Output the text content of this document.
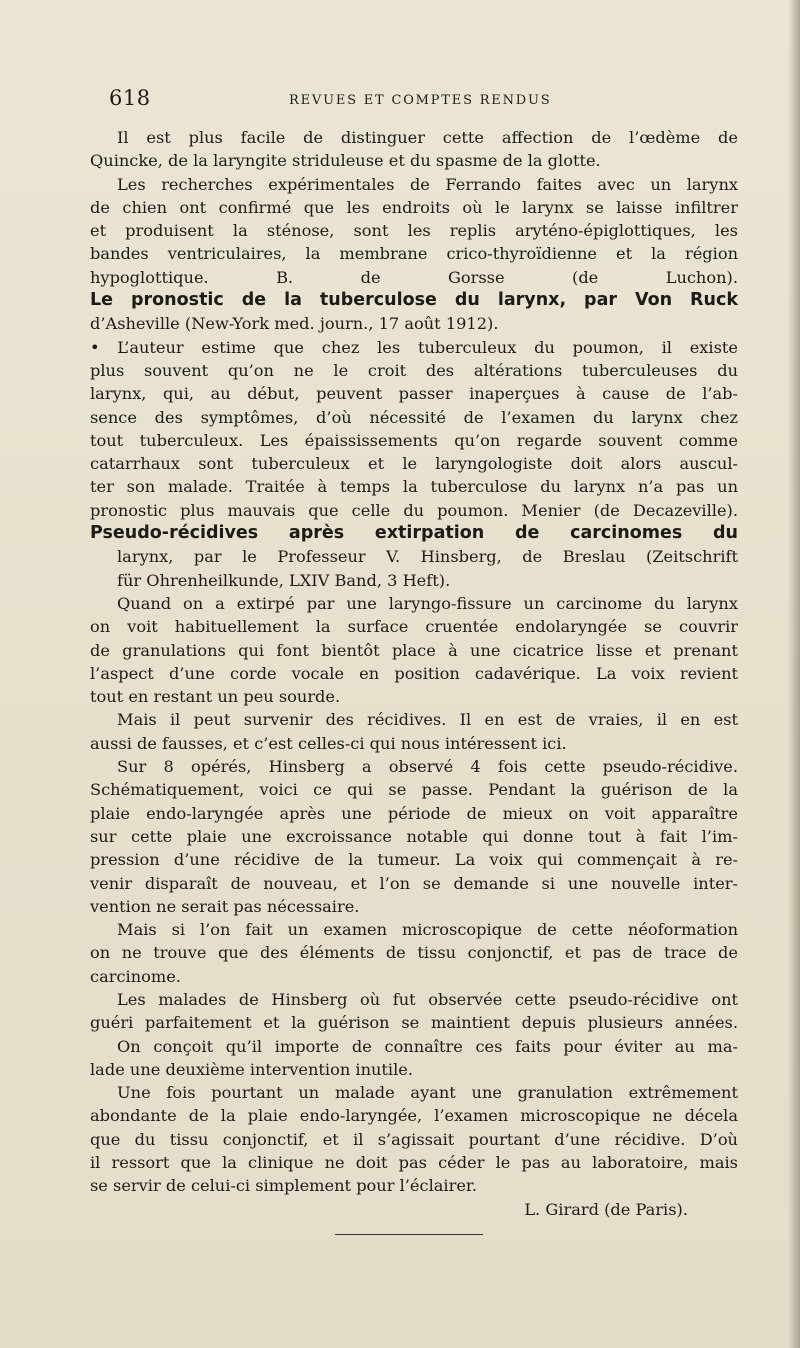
618	REVUES ET COMPTES RENDUS
Il est plus facile de distinguer cette affection de l’œdème de
Quincke, de la laryngite striduleuse et du spasme de la glotte.
Les recherches expérimentales de Ferrando faites avec un larynx
de chien ont confirmé que les endroits où le larynx se laisse infiltrer
et produisent la sténose, sont les replis aryténo-épiglottiques, les
bandes ventriculaires, la membrane crico-thyroïdienne et la région
hypoglottique. B. de Gorsse (de Luchon).
Le pronostic de la tuberculose du larynx, par Von Ruck
d’Asheville (New-York med. journ., 17 août 1912).
• L’auteur estime que chez les tuberculeux du poumon, il existe
plus souvent qu’on ne le croit des altérations tuberculeuses du
larynx, qui, au début, peuvent passer inaperçues à cause de l’ab-
sence des symptômes, d’où nécessité de l’examen du larynx chez
tout tuberculeux. Les épaississements qu’on regarde souvent comme
catarrhaux sont tuberculeux et le laryngologiste doit alors auscul-
ter son malade. Traitée à temps la tuberculose du larynx n’a pas un
pronostic plus mauvais que celle du poumon. Menier (de Decazeville).
Pseudo-récidives après extirpation de carcinomes du
larynx, par le Professeur V. Hinsberg, de Breslau (Zeitschrift
für Ohrenheilkunde, LXIV Band, 3 Heft).
Quand on a extirpé par une laryngo-fissure un carcinome du larynx
on voit habituellement la surface cruentée endolaryngée se couvrir
de granulations qui font bientôt place à une cicatrice lisse et prenant
l’aspect d’une corde vocale en position cadavérique. La voix revient
tout en restant un peu sourde.
Mais il peut survenir des récidives. Il en est de vraies, il en est
aussi de fausses, et c’est celles-ci qui nous intéressent ici.
Sur 8 opérés, Hinsberg a observé 4 fois cette pseudo-récidive.
Schématiquement, voici ce qui se passe. Pendant la guérison de la
plaie endo-laryngée après une période de mieux on voit apparaître
sur cette plaie une excroissance notable qui donne tout à fait l’im-
pression d’une récidive de la tumeur. La voix qui commençait à re-
venir disparaît de nouveau, et l’on se demande si une nouvelle inter-
vention ne serait pas nécessaire.
Mais si l’on fait un examen microscopique de cette néoformation
on ne trouve que des éléments de tissu conjonctif, et pas de trace de
carcinome.
Les malades de Hinsberg où fut observée cette pseudo-récidive ont
guéri parfaitement et la guérison se maintient depuis plusieurs années.
On conçoit qu’il importe de connaître ces faits pour éviter au ma-
lade une deuxième intervention inutile.
Une fois pourtant un malade ayant une granulation extrêmement
abondante de la plaie endo-laryngée, l’examen microscopique ne décela
que du tissu conjonctif, et il s’agissait pourtant d’une récidive. D’où
il ressort que la clinique ne doit pas céder le pas au laboratoire, mais
se servir de celui-ci simplement pour l’éclairer.
L. Girard (de Paris).
